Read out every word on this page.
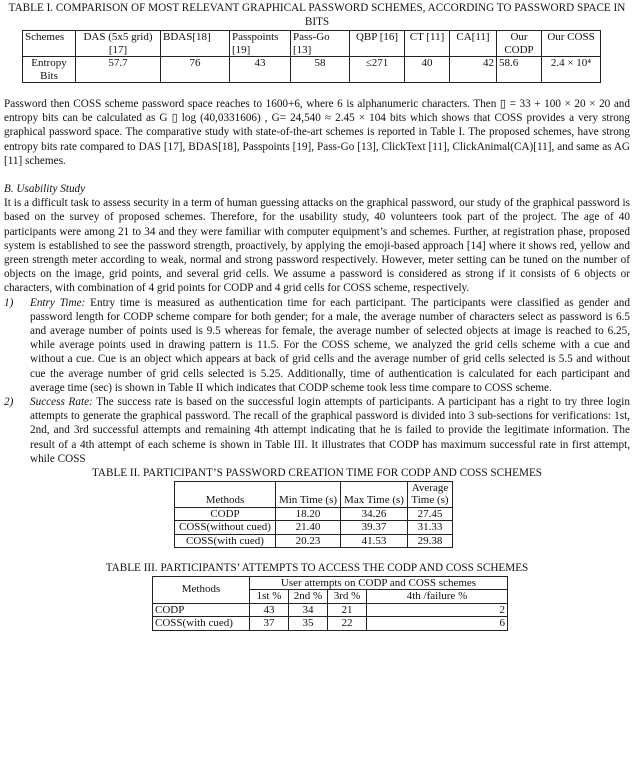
TABLE I. COMPARISON OF MOST RELEVANT GRAPHICAL PASSWORD SCHEMES, ACCORDING TO PASSWORD SPACE IN BITS

Schemes	DAS (5x5 grid) [17]	BDAS[18]	Passpoints [19]	Pass-Go [13]	QBP [16]	CT [11]	CA[11]	Our CODP	Our COSS
Entropy Bits	57.7	76	43	58	≤271	40	42	58.6	2.4 × 10⁴

Password then COSS scheme password space reaches to 1600+6, where 6 is alphanumeric characters. Then ▯ = 33 + 100 × 20 × 20 and entropy bits can be calculated as G ▯ log (40,0331606) , G= 24,540 ≈ 2.45 × 104 bits which shows that COSS provides a very strong graphical password space. The comparative study with state-of-the-art schemes is reported in Table I. The proposed schemes, have strong entropy bits rate compared to DAS [17], BDAS[18], Passpoints [19], Pass-Go [13], ClickText [11], ClickAnimal(CA)[11], and same as AG [11] schemes.

B. Usability Study

It is a difficult task to assess security in a term of human guessing attacks on the graphical password, our study of the graphical password is based on the survey of proposed schemes. Therefore, for the usability study, 40 volunteers took part of the project. The age of 40 participants were among 21 to 34 and they were familiar with computer equipment’s and schemes. Further, at registration phase, proposed system is established to see the password strength, proactively, by applying the emoji-based approach [14] where it shows red, yellow and green strength meter according to weak, normal and strong password respectively. However, meter setting can be tuned on the number of objects on the image, grid points, and several grid cells. We assume a password is considered as strong if it consists of 6 objects or characters, with combination of 4 grid points for CODP and 4 grid cells for COSS scheme, respectively.

1) Entry Time: Entry time is measured as authentication time for each participant. The participants were classified as gender and password length for CODP scheme compare for both gender; for a male, the average number of characters select as password is 6.5 and average number of points used is 9.5 whereas for female, the average number of selected objects at image is reached to 6.25, while average points used in drawing pattern is 11.5. For the COSS scheme, we analyzed the grid cells scheme with a cue and without a cue. Cue is an object which appears at back of grid cells and the average number of grid cells selected is 5.5 and without cue the average number of grid cells selected is 5.25. Additionally, time of authentication is calculated for each participant and average time (sec) is shown in Table II which indicates that CODP scheme took less time compare to COSS scheme.
2) Success Rate: The success rate is based on the successful login attempts of participants. A participant has a right to try three login attempts to generate the graphical password. The recall of the graphical password is divided into 3 sub-sections for verifications: 1st, 2nd, and 3rd successful attempts and remaining 4th attempt indicating that he is failed to provide the legitimate information. The result of a 4th attempt of each scheme is shown in Table III. It illustrates that CODP has maximum successful rate in first attempt, while COSS

TABLE II. PARTICIPANT’S PASSWORD CREATION TIME FOR CODP AND COSS SCHEMES

Methods	Min Time (s)	Max Time (s)	Average Time (s)
CODP	18.20	34.26	27.45
COSS(without cued)	21.40	39.37	31.33
COSS(with cued)	20.23	41.53	29.38

TABLE III. PARTICIPANTS’ ATTEMPTS TO ACCESS THE CODP AND COSS SCHEMES

Methods	User attempts on CODP and COSS schemes			
	1st %	2nd %	3rd %	4th /failure %
CODP	43	34	21	2
COSS(with cued)	37	35	22	6
